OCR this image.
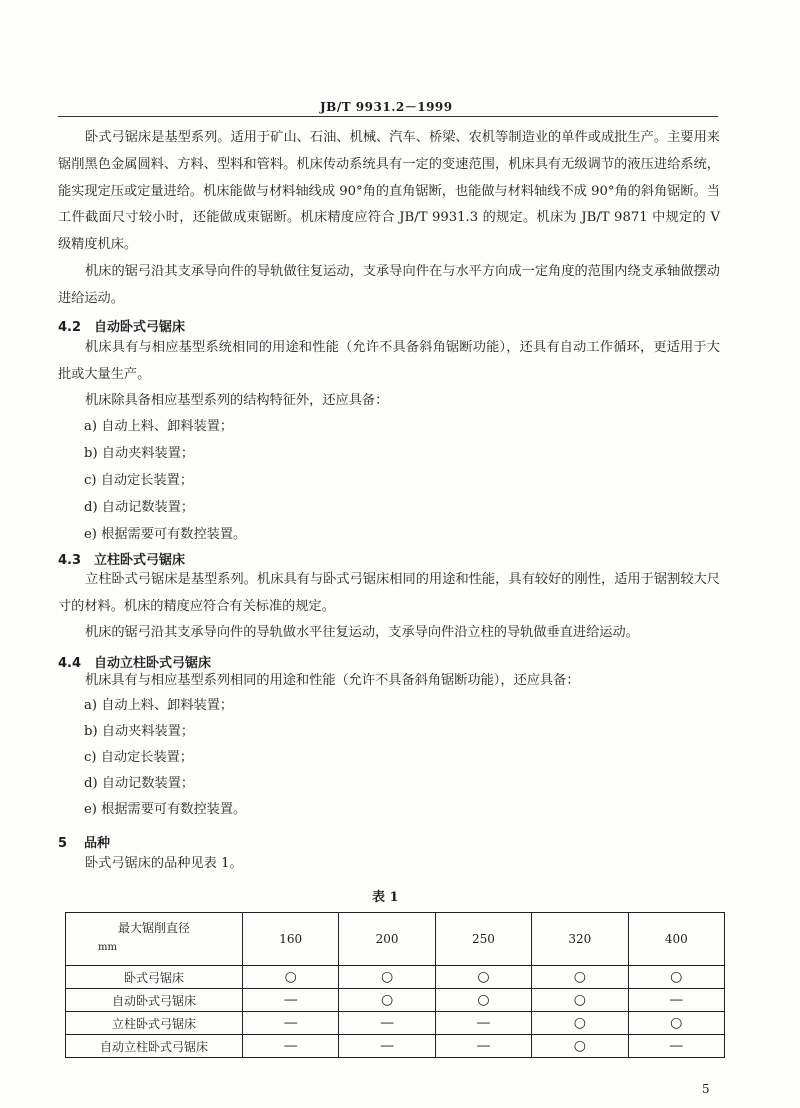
JB/T 9931.2－1999
卧式弓锯床是基型系列。适用于矿山、石油、机械、汽车、桥梁、农机等制造业的单件或成批生产。主要用来锯削黑色金属圆料、方料、型料和管料。机床传动系统具有一定的变速范围，机床具有无级调节的液压进给系统，能实现定压或定量进给。机床能做与材料轴线成 90°角的直角锯断，也能做与材料轴线不成 90°角的斜角锯断。当工件截面尺寸较小时，还能做成束锯断。机床精度应符合 JB/T 9931.3 的规定。机床为 JB/T 9871 中规定的 V 级精度机床。
机床的锯弓沿其支承导向件的导轨做往复运动，支承导向件在与水平方向成一定角度的范围内绕支承轴做摆动进给运动。
4.2 自动卧式弓锯床
机床具有与相应基型系统相同的用途和性能（允许不具备斜角锯断功能），还具有自动工作循环，更适用于大批或大量生产。
机床除具备相应基型系列的结构特征外，还应具备：
a) 自动上料、卸料装置；
b) 自动夹料装置；
c) 自动定长装置；
d) 自动记数装置；
e) 根据需要可有数控装置。
4.3 立柱卧式弓锯床
立柱卧式弓锯床是基型系列。机床具有与卧式弓锯床相同的用途和性能，具有较好的刚性，适用于锯割较大尺寸的材料。机床的精度应符合有关标准的规定。
机床的锯弓沿其支承导向件的导轨做水平往复运动，支承导向件沿立柱的导轨做垂直进给运动。
4.4 自动立柱卧式弓锯床
机床具有与相应基型系列相同的用途和性能（允许不具备斜角锯断功能），还应具备：
a) 自动上料、卸料装置；
b) 自动夹料装置；
c) 自动定长装置；
d) 自动记数装置；
e) 根据需要可有数控装置。
5 品种
卧式弓锯床的品种见表 1。
表 1
最大锯削直径
mm	160	200	250	320	400
卧式弓锯床	○	○	○	○	○
自动卧式弓锯床	—	○	○	○	—
立柱卧式弓锯床	—	—	—	○	○
自动立柱卧式弓锯床	—	—	—	○	—
5
